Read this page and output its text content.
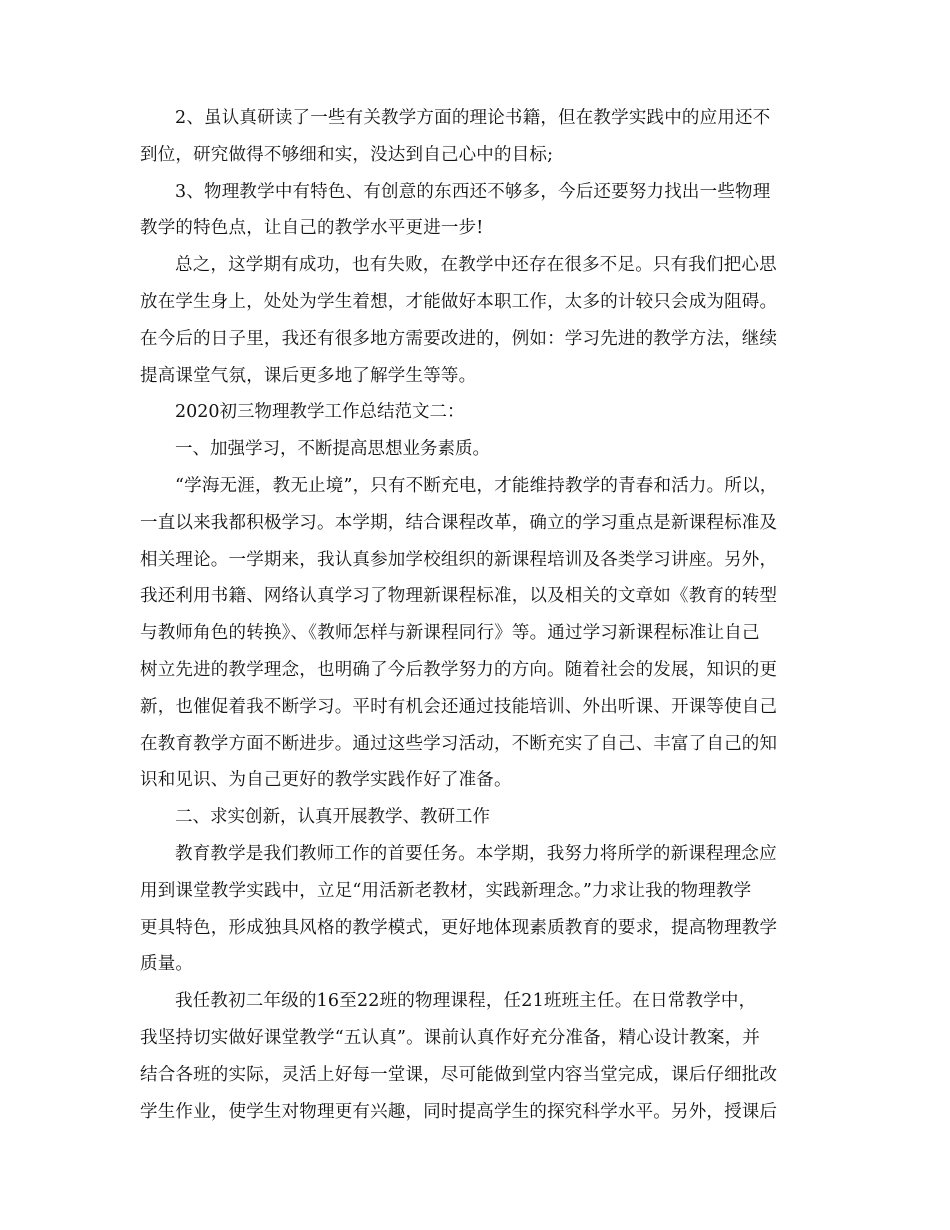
2、虽认真研读了一些有关教学方面的理论书籍，但在教学实践中的应用还不
到位，研究做得不够细和实，没达到自己心中的目标;

3、物理教学中有特色、有创意的东西还不够多，今后还要努力找出一些物理
教学的特色点，让自己的教学水平更进一步!

总之，这学期有成功，也有失败，在教学中还存在很多不足。只有我们把心思
放在学生身上，处处为学生着想，才能做好本职工作，太多的计较只会成为阻碍。
在今后的日子里，我还有很多地方需要改进的，例如：学习先进的教学方法，继续
提高课堂气氛，课后更多地了解学生等等。

2020初三物理教学工作总结范文二：

一、加强学习，不断提高思想业务素质。

“学海无涯，教无止境”，只有不断充电，才能维持教学的青春和活力。所以，
一直以来我都积极学习。本学期，结合课程改革，确立的学习重点是新课程标准及
相关理论。一学期来，我认真参加学校组织的新课程培训及各类学习讲座。另外，
我还利用书籍、网络认真学习了物理新课程标准，以及相关的文章如《教育的转型
与教师角色的转换》、《教师怎样与新课程同行》等。通过学习新课程标准让自己
树立先进的教学理念，也明确了今后教学努力的方向。随着社会的发展，知识的更
新，也催促着我不断学习。平时有机会还通过技能培训、外出听课、开课等使自己
在教育教学方面不断进步。通过这些学习活动，不断充实了自己、丰富了自己的知
识和见识、为自己更好的教学实践作好了准备。

二、求实创新，认真开展教学、教研工作

教育教学是我们教师工作的首要任务。本学期，我努力将所学的新课程理念应
用到课堂教学实践中，立足“用活新老教材，实践新理念。”力求让我的物理教学
更具特色，形成独具风格的教学模式，更好地体现素质教育的要求，提高物理教学
质量。

我任教初二年级的16至22班的物理课程，任21班班主任。在日常教学中，
我坚持切实做好课堂教学“五认真”。课前认真作好充分准备，精心设计教案，并
结合各班的实际，灵活上好每一堂课，尽可能做到堂内容当堂完成，课后仔细批改
学生作业，使学生对物理更有兴趣，同时提高学生的探究科学水平。另外，授课后
